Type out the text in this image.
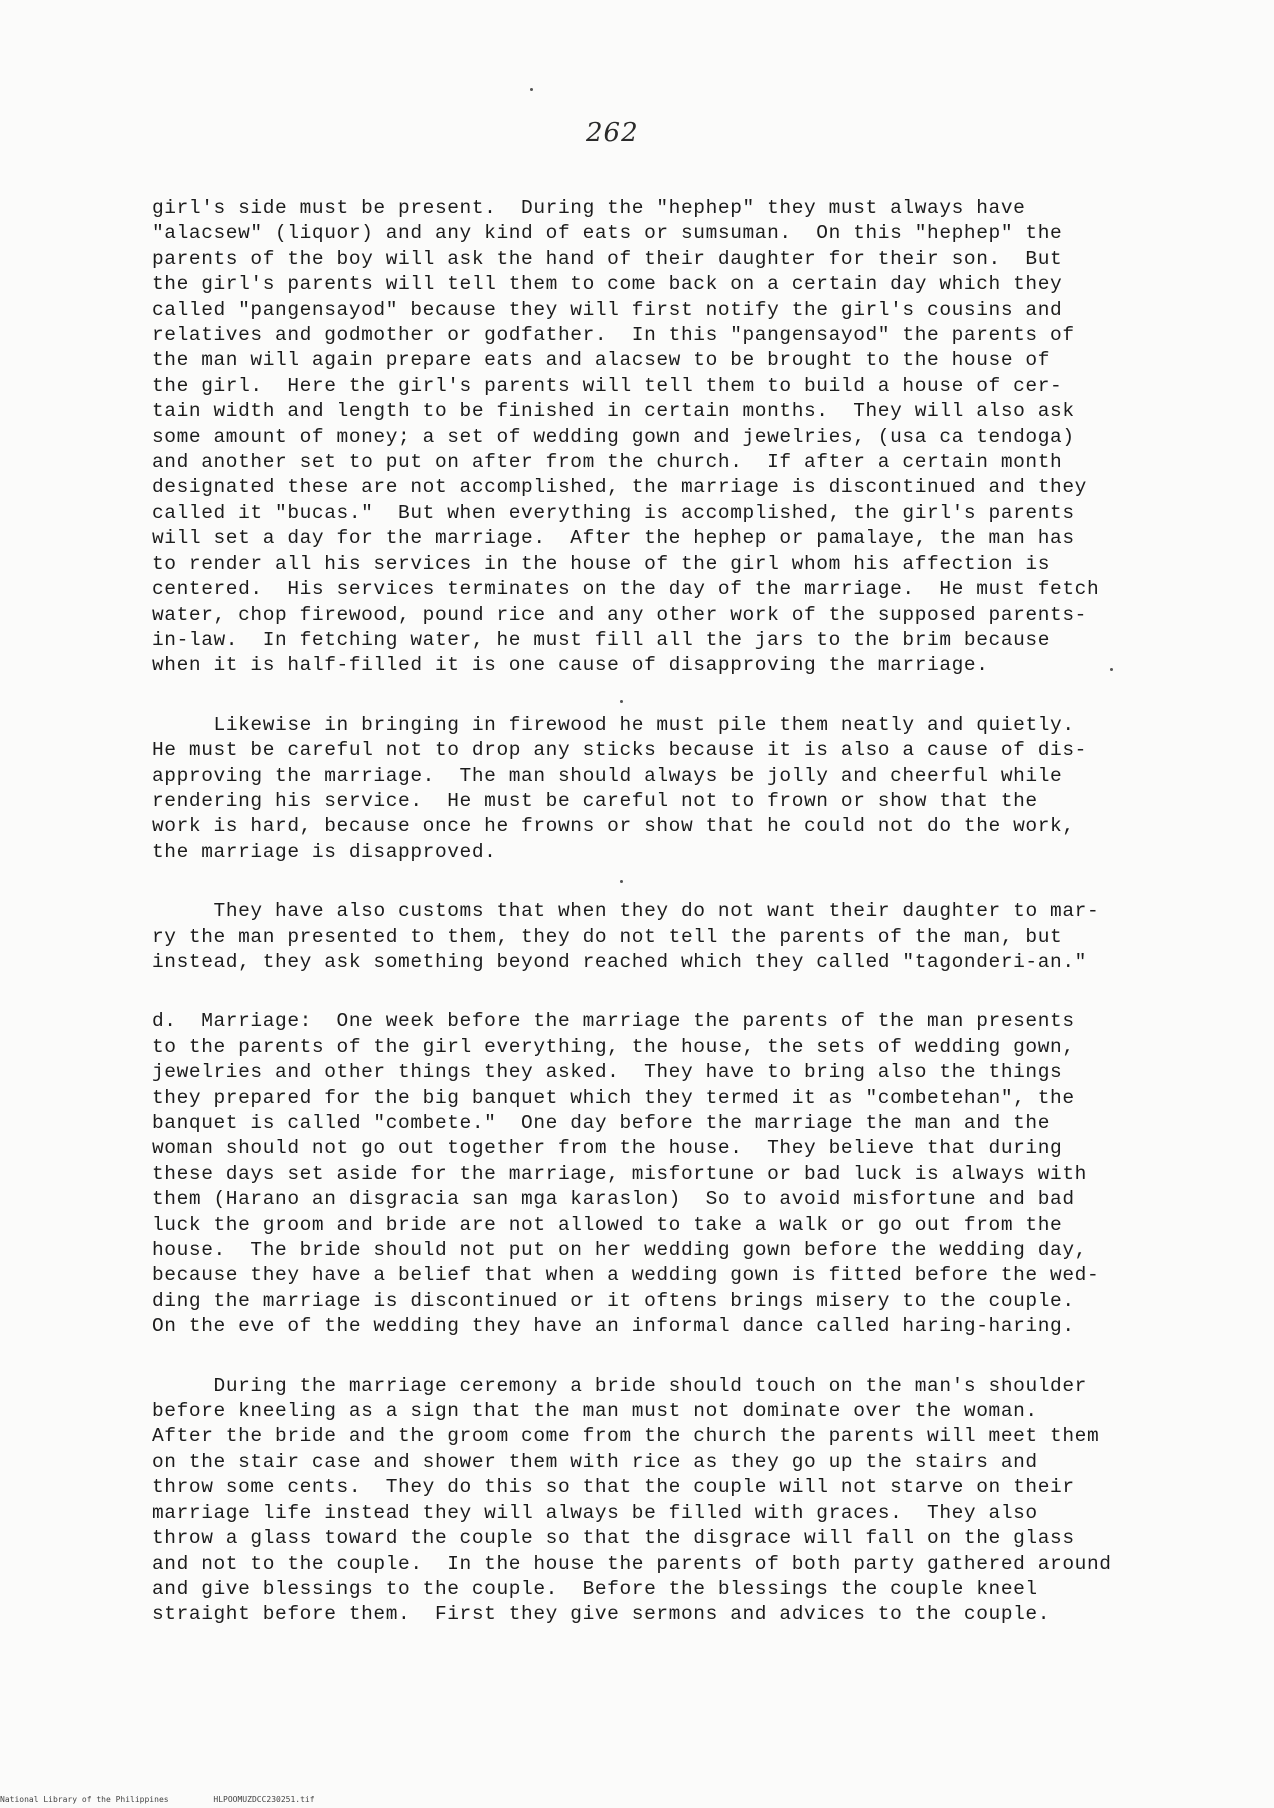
262

girl's side must be present.  During the "hephep" they must always have
"alacsew" (liquor) and any kind of eats or sumsuman.  On this "hephep" the
parents of the boy will ask the hand of their daughter for their son.  But
the girl's parents will tell them to come back on a certain day which they
called "pangensayod" because they will first notify the girl's cousins and
relatives and godmother or godfather.  In this "pangensayod" the parents of
the man will again prepare eats and alacsew to be brought to the house of
the girl.  Here the girl's parents will tell them to build a house of cer-
tain width and length to be finished in certain months.  They will also ask
some amount of money; a set of wedding gown and jewelries, (usa ca tendoga)
and another set to put on after from the church.  If after a certain month
designated these are not accomplished, the marriage is discontinued and they
called it "bucas."  But when everything is accomplished, the girl's parents
will set a day for the marriage.  After the hephep or pamalaye, the man has
to render all his services in the house of the girl whom his affection is
centered.  His services terminates on the day of the marriage.  He must fetch
water, chop firewood, pound rice and any other work of the supposed parents-
in-law.  In fetching water, he must fill all the jars to the brim because
when it is half-filled it is one cause of disapproving the marriage.

Likewise in bringing in firewood he must pile them neatly and quietly.
He must be careful not to drop any sticks because it is also a cause of dis-
approving the marriage.  The man should always be jolly and cheerful while
rendering his service.  He must be careful not to frown or show that the
work is hard, because once he frowns or show that he could not do the work,
the marriage is disapproved.

They have also customs that when they do not want their daughter to mar-
ry the man presented to them, they do not tell the parents of the man, but
instead, they ask something beyond reached which they called "tagonderi-an."

d.  Marriage:  One week before the marriage the parents of the man presents
to the parents of the girl everything, the house, the sets of wedding gown,
jewelries and other things they asked.  They have to bring also the things
they prepared for the big banquet which they termed it as "combetehan", the
banquet is called "combete."  One day before the marriage the man and the
woman should not go out together from the house.  They believe that during
these days set aside for the marriage, misfortune or bad luck is always with
them (Harano an disgracia san mga karaslon)  So to avoid misfortune and bad
luck the groom and bride are not allowed to take a walk or go out from the
house.  The bride should not put on her wedding gown before the wedding day,
because they have a belief that when a wedding gown is fitted before the wed-
ding the marriage is discontinued or it oftens brings misery to the couple.
On the eve of the wedding they have an informal dance called haring-haring.

During the marriage ceremony a bride should touch on the man's shoulder
before kneeling as a sign that the man must not dominate over the woman.
After the bride and the groom come from the church the parents will meet them
on the stair case and shower them with rice as they go up the stairs and
throw some cents.  They do this so that the couple will not starve on their
marriage life instead they will always be filled with graces.  They also
throw a glass toward the couple so that the disgrace will fall on the glass
and not to the couple.  In the house the parents of both party gathered around
and give blessings to the couple.  Before the blessings the couple kneel
straight before them.  First they give sermons and advices to the couple.

National Library of the Philippines	HLPOOMUZDCC230251.tif
